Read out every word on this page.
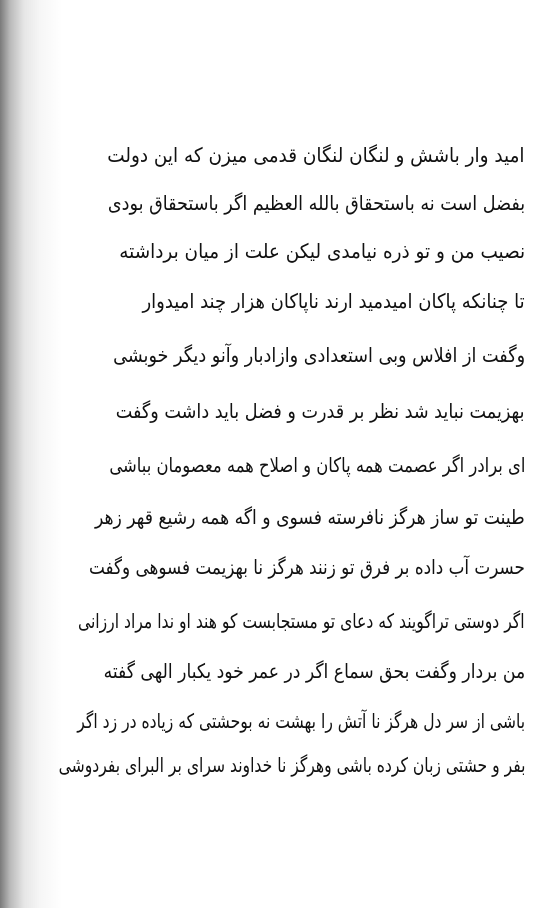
امید وار باشش و لنگان لنگان قدمی میزن که این دولت
بفضل است نه باستحقاق بالله العظیم اگر باستحقاق بودی
نصیب من و تو ذره نیامدی لیکن علت از میان برداشته
تا چنانکه پاکان امیدمید ارند ناپاکان هزار چند امیدوار
وگفت از افلاس وبی استعدادی وازادبار وآنو دیگر خوبشی
بهزیمت نباید شد نظر بر قدرت و فضل باید داشت وگفت
ای برادر اگر عصمت همه پاکان و اصلاح همه معصومان بباشی
طینت تو ساز هرگز نافرسته فسوی و اگه همه رشیع قهر زهر
حسرت آب داده بر فرق تو زنند هرگز نا بهزیمت فسوهی وگفت
اگر دوستی تراگویند که دعای تو مستجابست کو هند او ندا مراد ارزانی
من بردار وگفت بحق سماع اگر در عمر خود یکبار الهی گفته
باشی از سر دل هرگز نا آتش را بهشت نه بوحشتی که زیاده در زد اگر
بفر و حشتی زبان کرده باشی وهرگز نا خداوند سرای بر البرای بفردوشی
